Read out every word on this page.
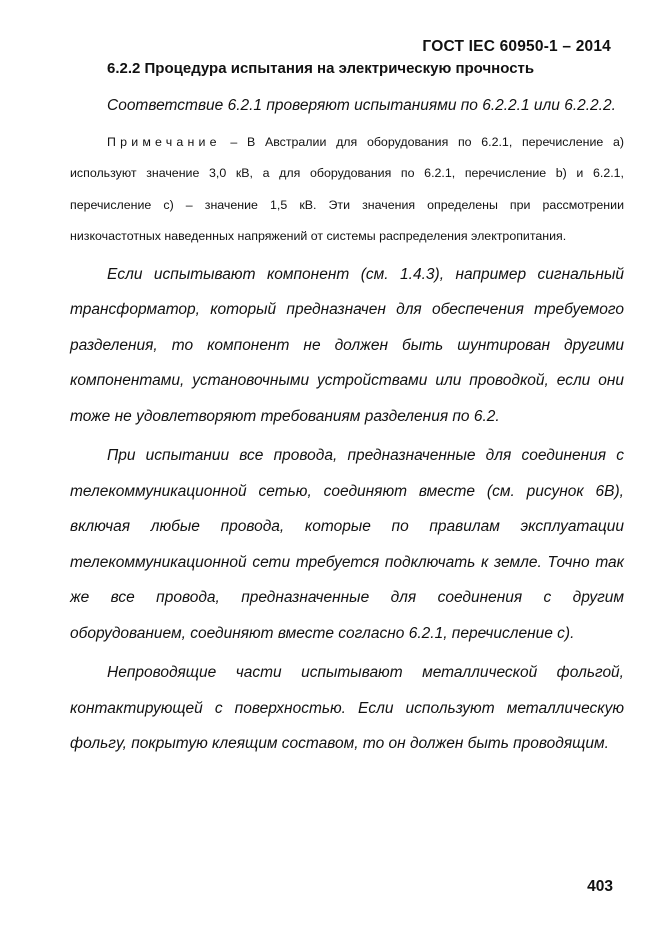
ГОСТ IEC 60950-1 – 2014
6.2.2 Процедура испытания на электрическую прочность

Соответствие 6.2.1 проверяют испытаниями по 6.2.2.1 или 6.2.2.2.

Примечание – В Австралии для оборудования по 6.2.1, перечисление а) используют значение 3,0 кВ, а для оборудования по 6.2.1, перечисление b) и 6.2.1, перечисление с) – значение 1,5 кВ. Эти значения определены при рассмотрении низкочастотных наведенных напряжений от системы распределения электропитания.

Если испытывают компонент (см. 1.4.3), например сигнальный трансформатор, который предназначен для обеспечения требуемого разделения, то компонент не должен быть шунтирован другими компонентами, установочными устройствами или проводкой, если они тоже не удовлетворяют требованиям разделения по 6.2.

При испытании все провода, предназначенные для соединения с телекоммуникационной сетью, соединяют вместе (см. рисунок 6В), включая любые провода, которые по правилам эксплуатации телекоммуникационной сети требуется подключать к земле. Точно так же все провода, предназначенные для соединения с другим оборудованием, соединяют вместе согласно 6.2.1, перечисление с).

Непроводящие части испытывают металлической фольгой, контактирующей с поверхностью. Если используют металлическую фольгу, покрытую клеящим составом, то он должен быть проводящим.

403
